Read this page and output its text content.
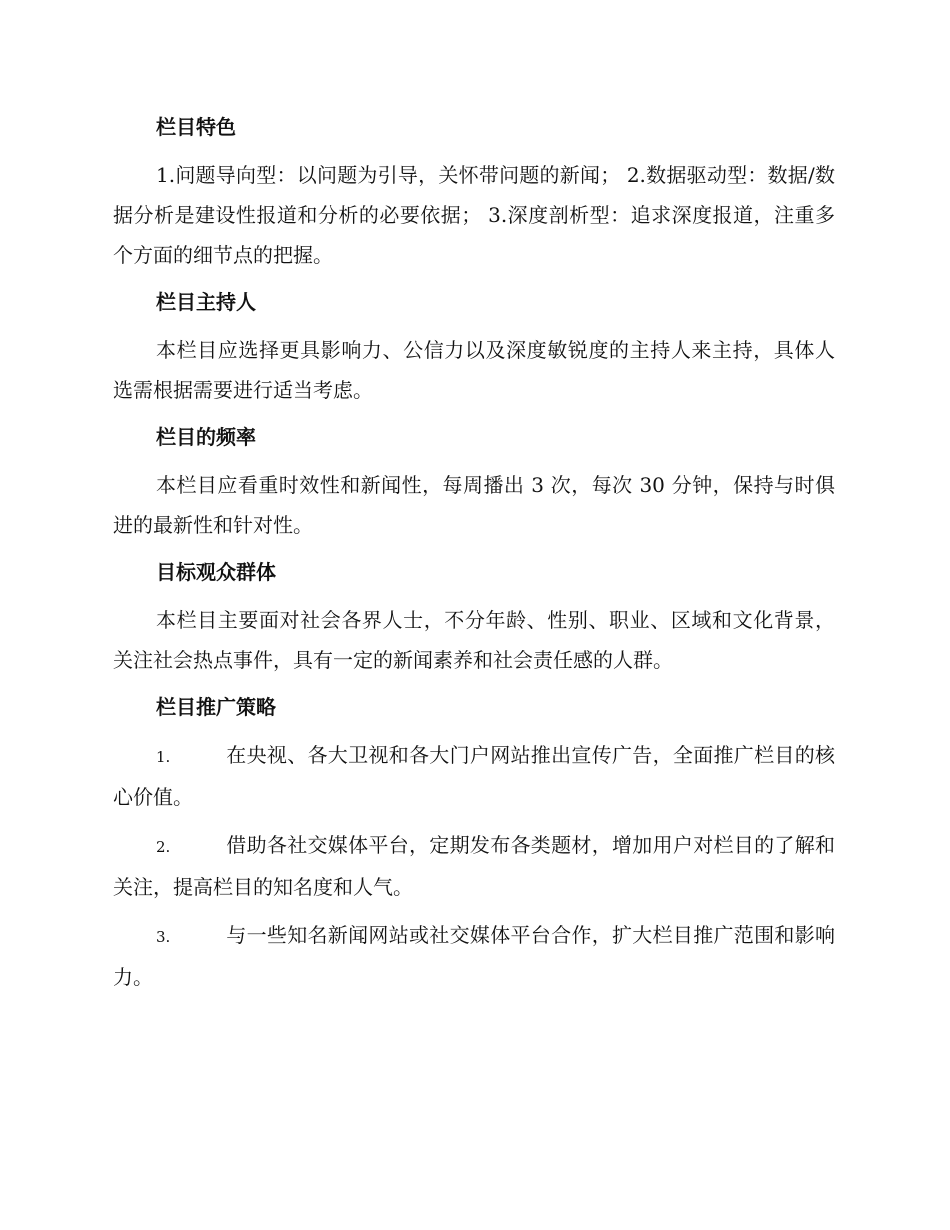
栏目特色

1.问题导向型：以问题为引导，关怀带问题的新闻； 2.数据驱动型：数据/数据分析是建设性报道和分析的必要依据； 3.深度剖析型：追求深度报道，注重多个方面的细节点的把握。

栏目主持人

本栏目应选择更具影响力、公信力以及深度敏锐度的主持人来主持，具体人选需根据需要进行适当考虑。

栏目的频率

本栏目应看重时效性和新闻性，每周播出 3 次，每次 30 分钟，保持与时俱进的最新性和针对性。

目标观众群体

本栏目主要面对社会各界人士，不分年龄、性别、职业、区域和文化背景，关注社会热点事件，具有一定的新闻素养和社会责任感的人群。

栏目推广策略

1.	在央视、各大卫视和各大门户网站推出宣传广告，全面推广栏目的核心价值。

2.	借助各社交媒体平台，定期发布各类题材，增加用户对栏目的了解和关注，提高栏目的知名度和人气。

3.	与一些知名新闻网站或社交媒体平台合作，扩大栏目推广范围和影响力。
